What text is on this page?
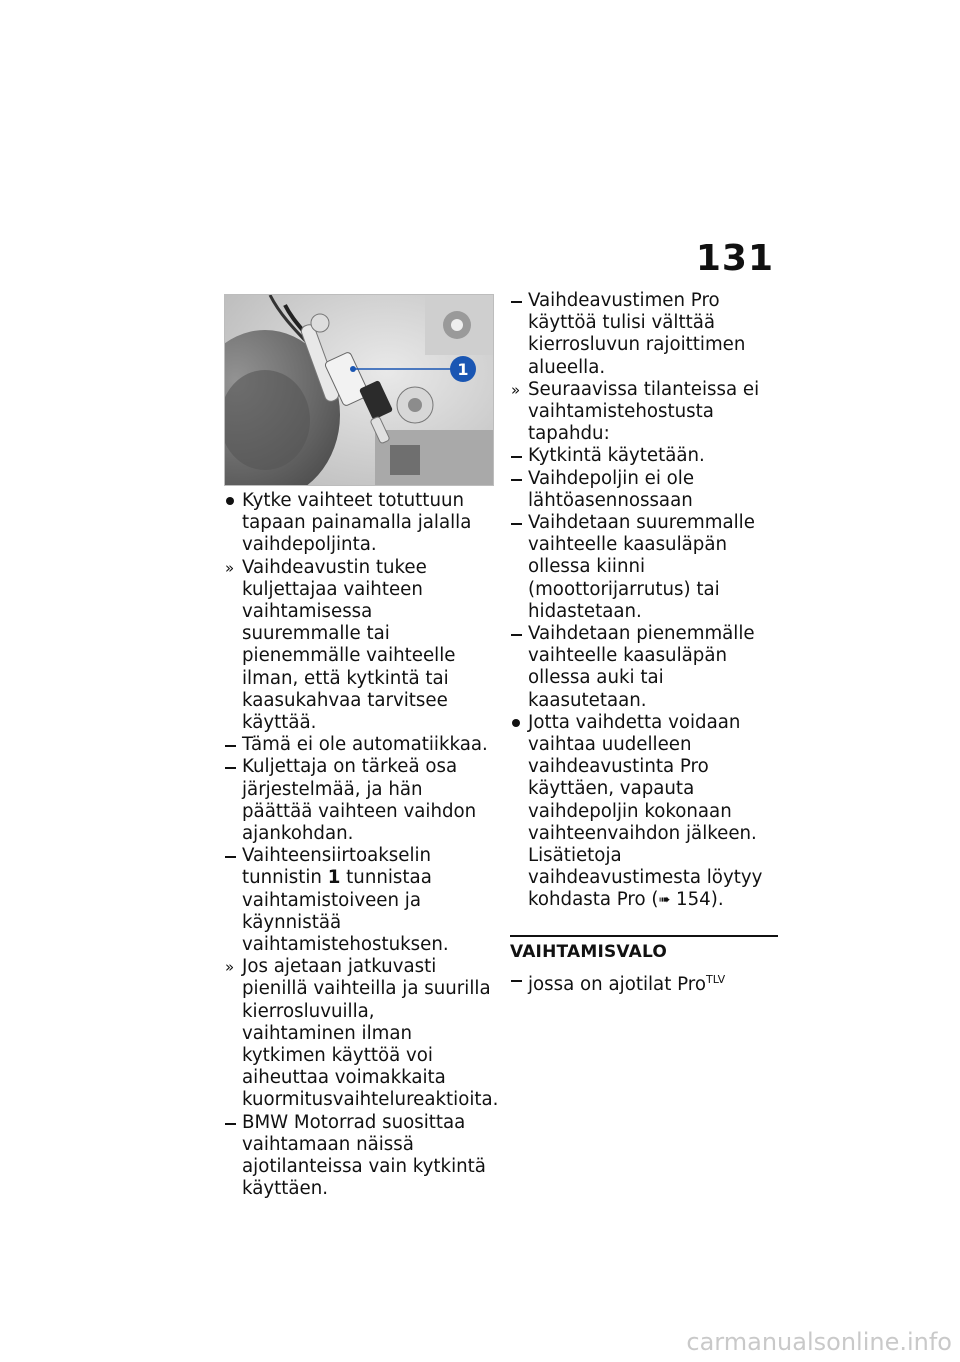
131
1

Kytke vaihteet totuttuun tapaan painamalla jalalla vaihdepoljinta.

» Vaihdeavustin tukee kuljettajaa vaihteen vaihtamisessa suuremmalle tai pienemmälle vaihteelle ilman, että kytkintä tai kaasukahvaa tarvitsee käyttää.

Tämä ei ole automatiikkaa.

Kuljettaja on tärkeä osa järjestelmää, ja hän päättää vaihteen vaihdon ajankohdan.

Vaihteensiirtoakselin tunnistin 1 tunnistaa vaihtamistoiveen ja käynnistää vaihtamistehostuksen.

» Jos ajetaan jatkuvasti pienillä vaihteilla ja suurilla kierrosluvuilla, vaihtaminen ilman kytkimen käyttöä voi aiheuttaa voimakkaita kuormitusvaihtelureaktioita.

BMW Motorrad suosittaa vaihtamaan näissä ajotilanteissa vain kytkintä käyttäen.

Vaihdeavustimen Pro käyttöä tulisi välttää kierrosluvun rajoittimen alueella.

» Seuraavissa tilanteissa ei vaihtamistehostusta tapahdu:

Kytkintä käytetään.

Vaihdepoljin ei ole lähtöasennossaan

Vaihdetaan suuremmalle vaihteelle kaasuläpän ollessa kiinni (moottorijarrutus) tai hidastetaan.

Vaihdetaan pienemmälle vaihteelle kaasuläpän ollessa auki tai kaasutetaan.

Jotta vaihdetta voidaan vaihtaa uudelleen vaihdeavustinta Pro käyttäen, vapauta vaihdepoljin kokonaan vaihteenvaihdon jälkeen. Lisätietoja vaihdeavustimesta löytyy kohdasta Pro (➠ 154).

VAIHTAMISVALO

jossa on ajotilat Pro$^{TLV}$

carmanualsonline.info
